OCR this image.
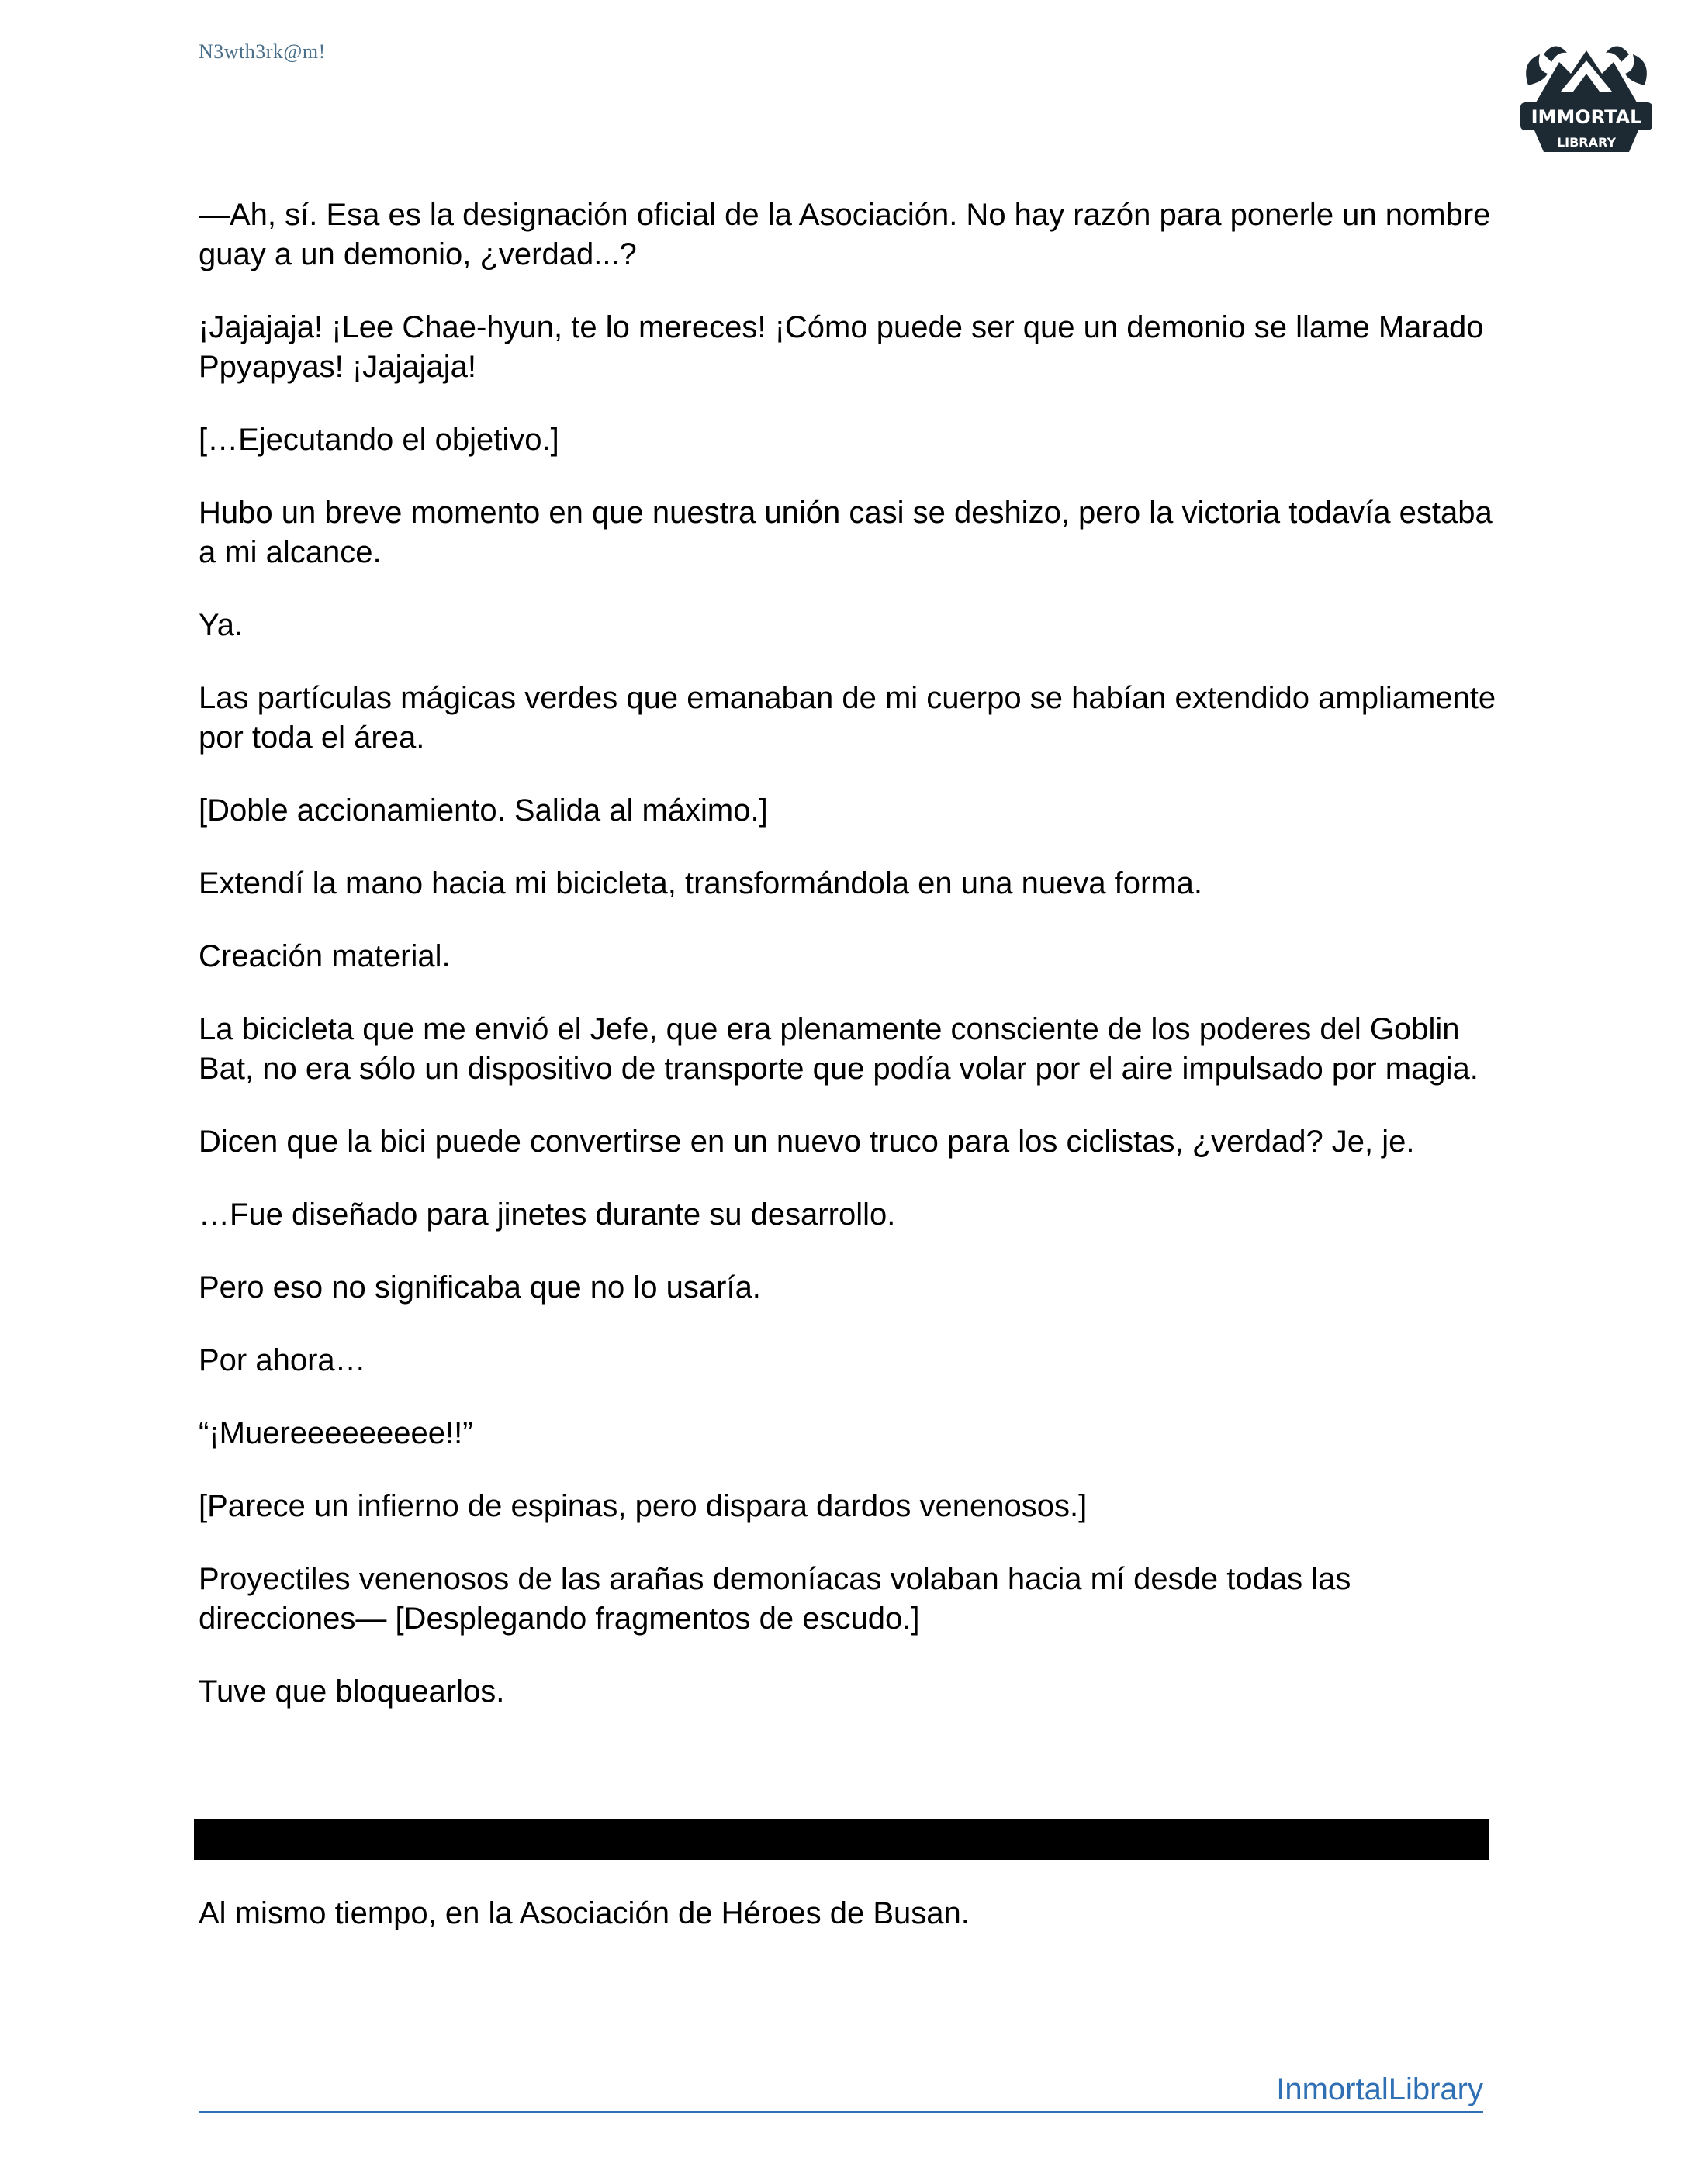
N3wth3rk@m!
IMMORTAL
LIBRARY

—Ah, sí. Esa es la designación oficial de la Asociación. No hay razón para ponerle un nombre guay a un demonio, ¿verdad...?

¡Jajajaja! ¡Lee Chae-hyun, te lo mereces! ¡Cómo puede ser que un demonio se llame Marado Ppyapyas! ¡Jajajaja!

[…Ejecutando el objetivo.]

Hubo un breve momento en que nuestra unión casi se deshizo, pero la victoria todavía estaba a mi alcance.

Ya.

Las partículas mágicas verdes que emanaban de mi cuerpo se habían extendido ampliamente por toda el área.

[Doble accionamiento. Salida al máximo.]

Extendí la mano hacia mi bicicleta, transformándola en una nueva forma.

Creación material.

La bicicleta que me envió el Jefe, que era plenamente consciente de los poderes del Goblin Bat, no era sólo un dispositivo de transporte que podía volar por el aire impulsado por magia.

Dicen que la bici puede convertirse en un nuevo truco para los ciclistas, ¿verdad? Je, je.

…Fue diseñado para jinetes durante su desarrollo.

Pero eso no significaba que no lo usaría.

Por ahora…

“¡Muereeeeeeeee!!”

[Parece un infierno de espinas, pero dispara dardos venenosos.]

Proyectiles venenosos de las arañas demoníacas volaban hacia mí desde todas las direcciones— [Desplegando fragmentos de escudo.]

Tuve que bloquearlos.

Al mismo tiempo, en la Asociación de Héroes de Busan.
InmortalLibrary
